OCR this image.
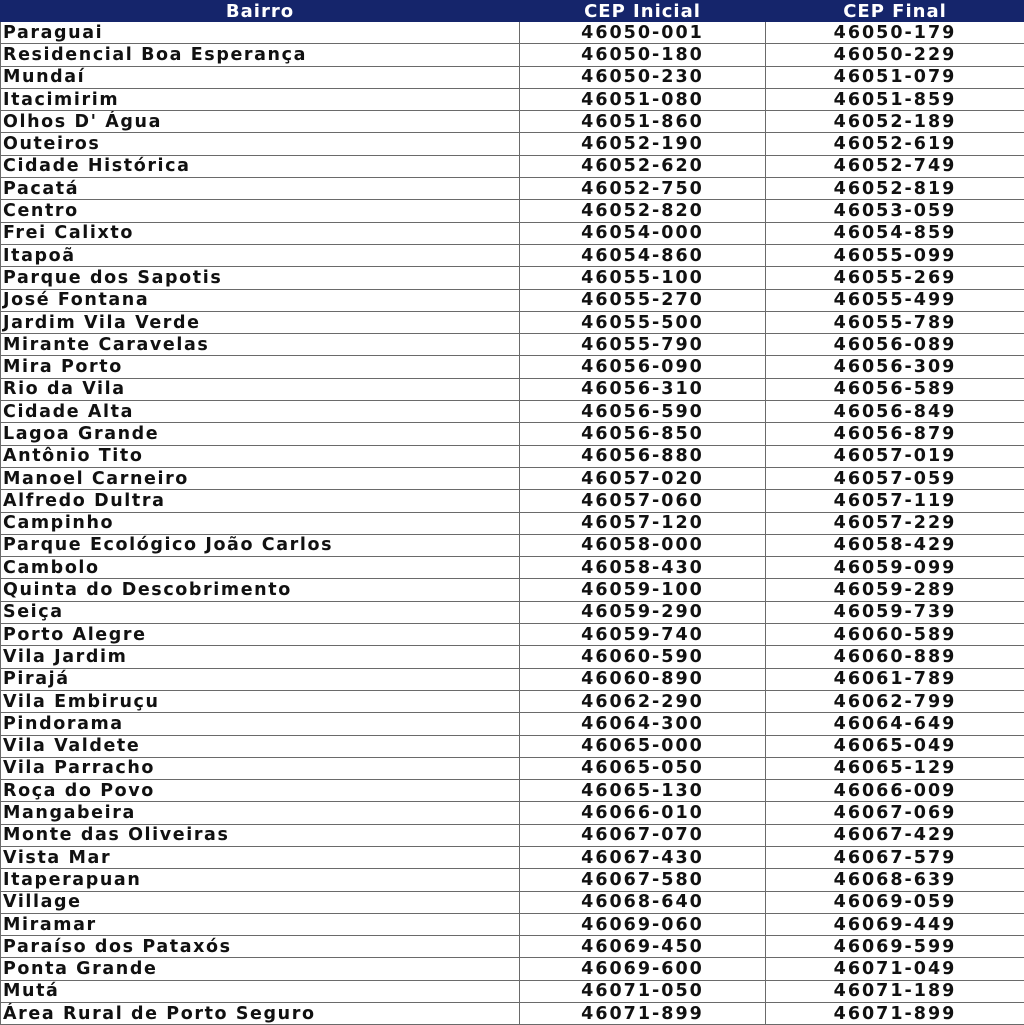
Bairro	CEP Inicial	CEP Final
Paraguai	46050-001	46050-179
Residencial Boa Esperança	46050-180	46050-229
Mundaí	46050-230	46051-079
Itacimirim	46051-080	46051-859
Olhos D' Água	46051-860	46052-189
Outeiros	46052-190	46052-619
Cidade Histórica	46052-620	46052-749
Pacatá	46052-750	46052-819
Centro	46052-820	46053-059
Frei Calixto	46054-000	46054-859
Itapoã	46054-860	46055-099
Parque dos Sapotis	46055-100	46055-269
José Fontana	46055-270	46055-499
Jardim Vila Verde	46055-500	46055-789
Mirante Caravelas	46055-790	46056-089
Mira Porto	46056-090	46056-309
Rio da Vila	46056-310	46056-589
Cidade Alta	46056-590	46056-849
Lagoa Grande	46056-850	46056-879
Antônio Tito	46056-880	46057-019
Manoel Carneiro	46057-020	46057-059
Alfredo Dultra	46057-060	46057-119
Campinho	46057-120	46057-229
Parque Ecológico João Carlos	46058-000	46058-429
Cambolo	46058-430	46059-099
Quinta do Descobrimento	46059-100	46059-289
Seiça	46059-290	46059-739
Porto Alegre	46059-740	46060-589
Vila Jardim	46060-590	46060-889
Pirajá	46060-890	46061-789
Vila Embiruçu	46062-290	46062-799
Pindorama	46064-300	46064-649
Vila Valdete	46065-000	46065-049
Vila Parracho	46065-050	46065-129
Roça do Povo	46065-130	46066-009
Mangabeira	46066-010	46067-069
Monte das Oliveiras	46067-070	46067-429
Vista Mar	46067-430	46067-579
Itaperapuan	46067-580	46068-639
Village	46068-640	46069-059
Miramar	46069-060	46069-449
Paraíso dos Pataxós	46069-450	46069-599
Ponta Grande	46069-600	46071-049
Mutá	46071-050	46071-189
Área Rural de Porto Seguro	46071-899	46071-899
